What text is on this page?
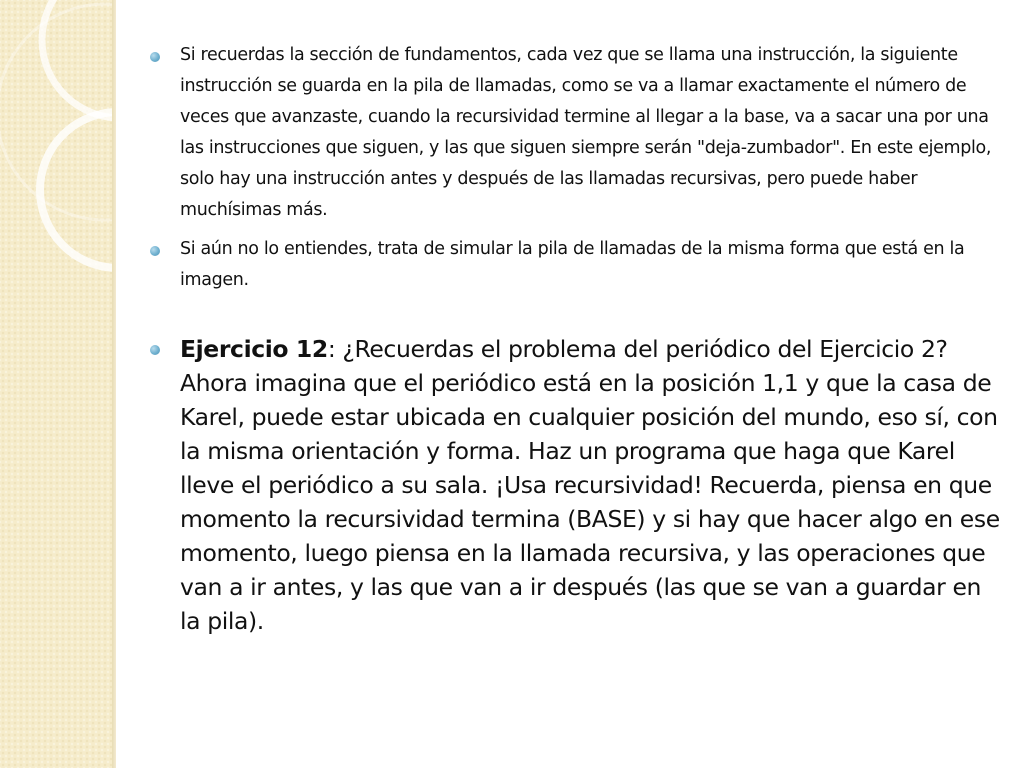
Si recuerdas la sección de fundamentos, cada vez que se llama una instrucción, la siguiente instrucción se guarda en la pila de llamadas, como se va a llamar exactamente el número de veces que avanzaste, cuando la recursividad termine al llegar a la base, va a sacar una por una las instrucciones que siguen, y las que siguen siempre serán "deja-zumbador". En este ejemplo, solo hay una instrucción antes y después de las llamadas recursivas, pero puede haber muchísimas más.
Si aún no lo entiendes, trata de simular la pila de llamadas de la misma forma que está en la imagen.
Ejercicio 12: ¿Recuerdas el problema del periódico del Ejercicio 2? Ahora imagina que el periódico está en la posición 1,1 y que la casa de Karel, puede estar ubicada en cualquier posición del mundo, eso sí, con la misma orientación y forma. Haz un programa que haga que Karel lleve el periódico a su sala. ¡Usa recursividad! Recuerda, piensa en que momento la recursividad termina (BASE) y si hay que hacer algo en ese momento, luego piensa en la llamada recursiva, y las operaciones que van a ir antes, y las que van a ir después (las que se van a guardar en la pila).
